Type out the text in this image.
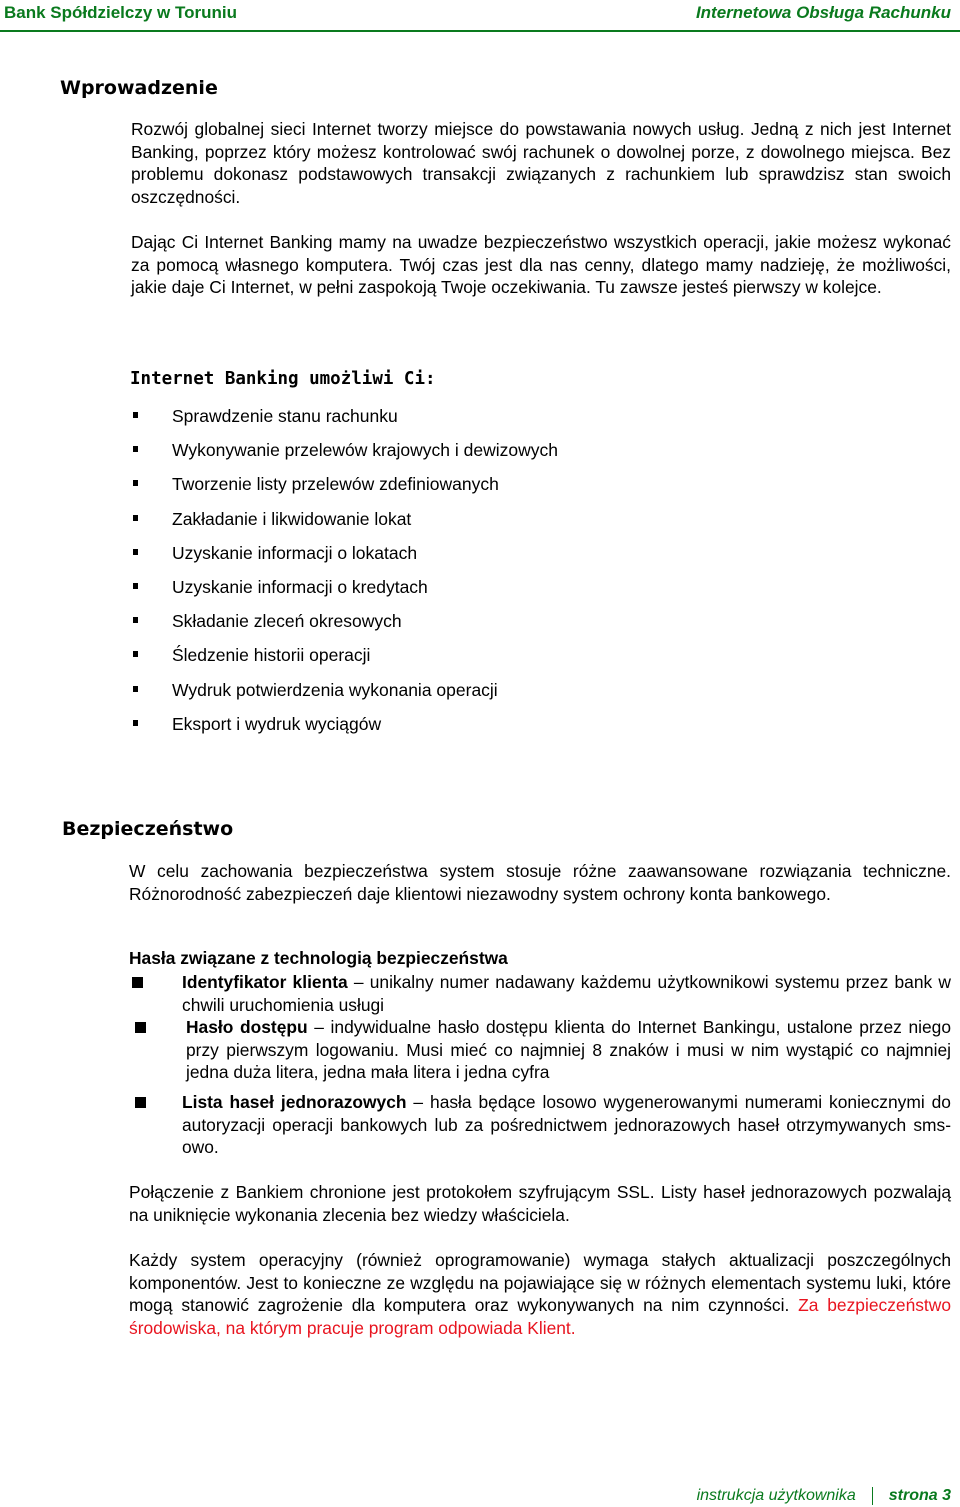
Bank Spółdzielczy w Toruniu	Internetowa Obsługa Rachunku
Wprowadzenie

Rozwój globalnej sieci Internet tworzy miejsce do powstawania nowych usług. Jedną z nich jest Internet Banking, poprzez który możesz kontrolować swój rachunek o dowolnej porze, z dowolnego miejsca. Bez problemu dokonasz podstawowych transakcji związanych z rachunkiem lub sprawdzisz stan swoich oszczędności.

Dając Ci Internet Banking mamy na uwadze bezpieczeństwo wszystkich operacji, jakie możesz wykonać za pomocą własnego komputera. Twój czas jest dla nas cenny, dlatego mamy nadzieję, że możliwości, jakie daje Ci Internet, w pełni zaspokoją Twoje oczekiwania. Tu zawsze jesteś pierwszy w kolejce.

Internet Banking umożliwi Ci:
Sprawdzenie stanu rachunku
Wykonywanie przelewów krajowych i dewizowych
Tworzenie listy przelewów zdefiniowanych
Zakładanie i likwidowanie lokat
Uzyskanie informacji o lokatach
Uzyskanie informacji o kredytach
Składanie zleceń okresowych
Śledzenie historii operacji
Wydruk potwierdzenia wykonania operacji
Eksport i wydruk wyciągów
Bezpieczeństwo

W celu zachowania bezpieczeństwa system stosuje różne zaawansowane rozwiązania techniczne. Różnorodność zabezpieczeń daje klientowi niezawodny system ochrony konta bankowego.

Hasła związane z technologią bezpieczeństwa
Identyfikator klienta – unikalny numer nadawany każdemu użytkownikowi systemu przez bank w chwili uruchomienia usługi
Hasło dostępu – indywidualne hasło dostępu klienta do Internet Bankingu, ustalone przez niego przy pierwszym logowaniu. Musi mieć co najmniej 8 znaków i musi w nim wystąpić co najmniej jedna duża litera, jedna mała litera i jedna cyfra
Lista haseł jednorazowych – hasła będące losowo wygenerowanymi numerami koniecznymi do autoryzacji operacji bankowych lub za pośrednictwem jednorazowych haseł otrzymywanych sms-owo.

Połączenie z Bankiem chronione jest protokołem szyfrującym SSL. Listy haseł jednorazowych pozwalają na uniknięcie wykonania zlecenia bez wiedzy właściciela.

Każdy system operacyjny (również oprogramowanie) wymaga stałych aktualizacji poszczególnych komponentów. Jest to konieczne ze względu na pojawiające się w różnych elementach systemu luki, które mogą stanowić zagrożenie dla komputera oraz wykonywanych na nim czynności. Za bezpieczeństwo środowiska, na którym pracuje program odpowiada Klient.

instrukcja użytkownika strona 3
